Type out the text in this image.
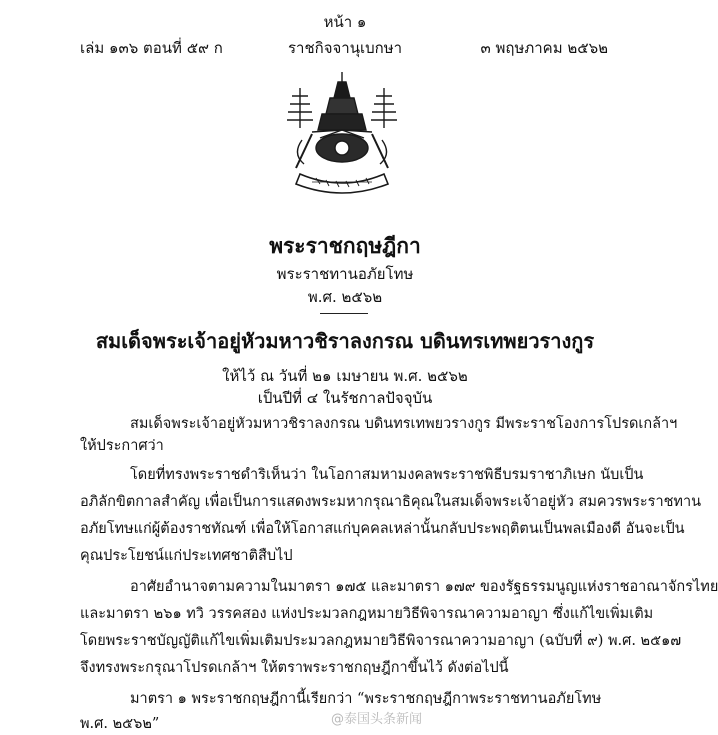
หน้า ๑
เล่ม ๑๓๖ ตอนที่ ๕๙ ก	ราชกิจจานุเบกษา	๓ พฤษภาคม ๒๕๖๒
พระราชกฤษฎีกา
พระราชทานอภัยโทษ
พ.ศ. ๒๕๖๒
สมเด็จพระเจ้าอยู่หัวมหาวชิราลงกรณ บดินทรเทพยวรางกูร
ให้ไว้ ณ วันที่ ๒๑ เมษายน พ.ศ. ๒๕๖๒
เป็นปีที่ ๔ ในรัชกาลปัจจุบัน
สมเด็จพระเจ้าอยู่หัวมหาวชิราลงกรณ บดินทรเทพยวรางกูร มีพระราชโองการโปรดเกล้าฯ
ให้ประกาศว่า
โดยที่ทรงพระราชดำริเห็นว่า ในโอกาสมหามงคลพระราชพิธีบรมราชาภิเษก นับเป็น
อภิลักขิตกาลสำคัญ เพื่อเป็นการแสดงพระมหากรุณาธิคุณในสมเด็จพระเจ้าอยู่หัว สมควรพระราชทาน
อภัยโทษแก่ผู้ต้องราชทัณฑ์ เพื่อให้โอกาสแก่บุคคลเหล่านั้นกลับประพฤติตนเป็นพลเมืองดี อันจะเป็น
คุณประโยชน์แก่ประเทศชาติสืบไป
อาศัยอำนาจตามความในมาตรา ๑๗๕ และมาตรา ๑๗๙ ของรัฐธรรมนูญแห่งราชอาณาจักรไทย
และมาตรา ๒๖๑ ทวิ วรรคสอง แห่งประมวลกฎหมายวิธีพิจารณาความอาญา ซึ่งแก้ไขเพิ่มเติม
โดยพระราชบัญญัติแก้ไขเพิ่มเติมประมวลกฎหมายวิธีพิจารณาความอาญา (ฉบับที่ ๙) พ.ศ. ๒๕๑๗
จึงทรงพระกรุณาโปรดเกล้าฯ ให้ตราพระราชกฤษฎีกาขึ้นไว้ ดังต่อไปนี้
มาตรา ๑ พระราชกฤษฎีกานี้เรียกว่า “พระราชกฤษฎีกาพระราชทานอภัยโทษ
พ.ศ. ๒๕๖๒”	@泰国头条新闻
